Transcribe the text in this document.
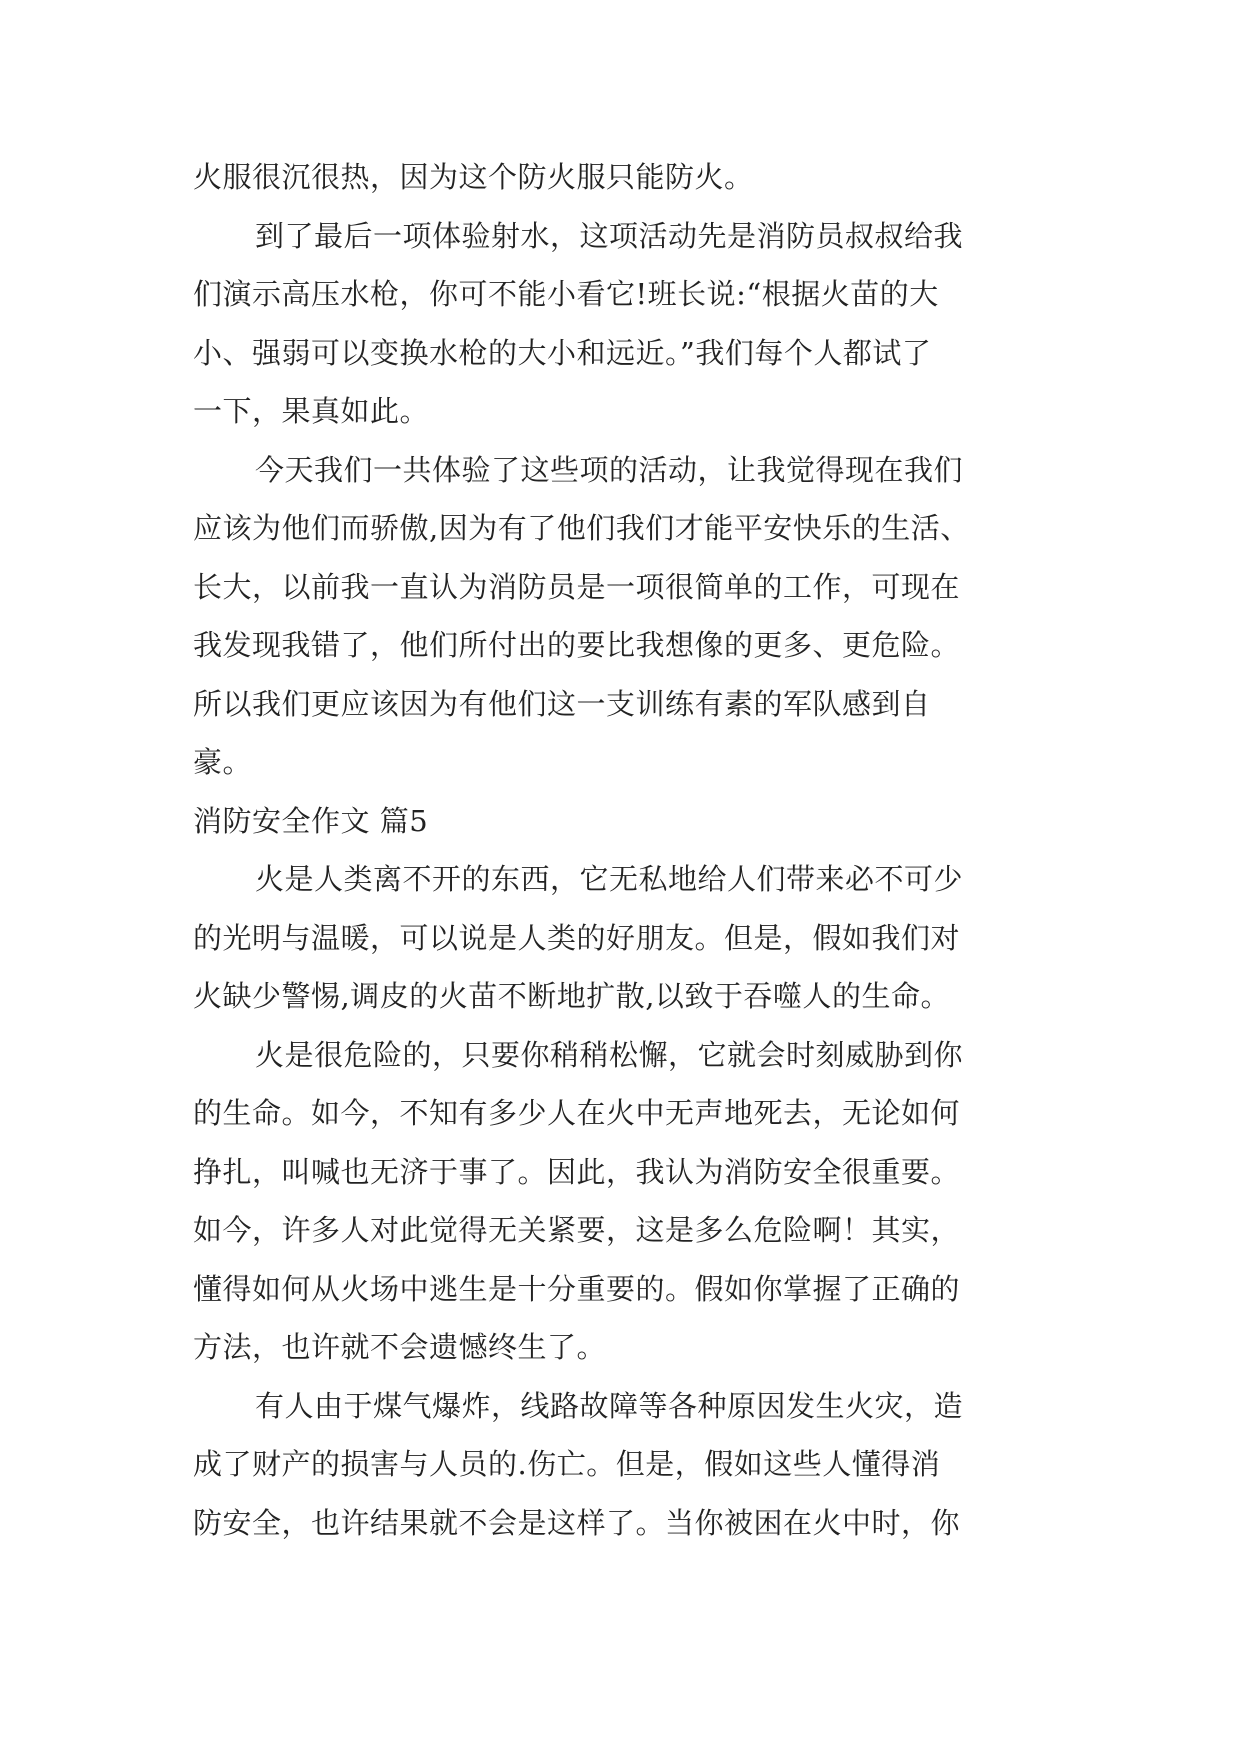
火服很沉很热，因为这个防火服只能防火。
到了最后一项体验射水，这项活动先是消防员叔叔给我
们演示高压水枪，你可不能小看它!班长说:“根据火苗的大
小、强弱可以变换水枪的大小和远近。”我们每个人都试了
一下，果真如此。
今天我们一共体验了这些项的活动，让我觉得现在我们
应该为他们而骄傲,因为有了他们我们才能平安快乐的生活、
长大，以前我一直认为消防员是一项很简单的工作，可现在
我发现我错了，他们所付出的要比我想像的更多、更危险。
所以我们更应该因为有他们这一支训练有素的军队感到自
豪。
消防安全作文 篇5
火是人类离不开的东西，它无私地给人们带来必不可少
的光明与温暖，可以说是人类的好朋友。但是，假如我们对
火缺少警惕,调皮的火苗不断地扩散,以致于吞噬人的生命。
火是很危险的，只要你稍稍松懈，它就会时刻威胁到你
的生命。如今，不知有多少人在火中无声地死去，无论如何
挣扎，叫喊也无济于事了。因此，我认为消防安全很重要。
如今，许多人对此觉得无关紧要，这是多么危险啊！其实，
懂得如何从火场中逃生是十分重要的。假如你掌握了正确的
方法，也许就不会遗憾终生了。
有人由于煤气爆炸，线路故障等各种原因发生火灾，造
成了财产的损害与人员的.伤亡。但是，假如这些人懂得消
防安全，也许结果就不会是这样了。当你被困在火中时，你
